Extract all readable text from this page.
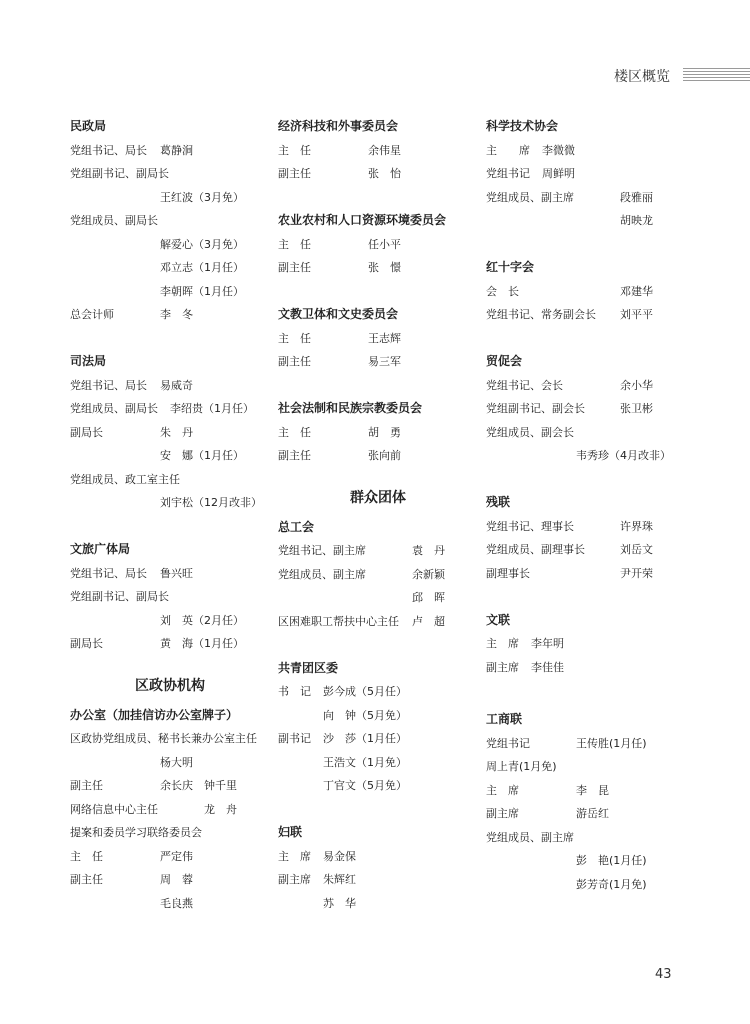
楼区概览
民政局
党组书记、局长 葛静涧
党组副书记、副局长
王红波（3月免）
党组成员、副局长
解爱心（3月免）
邓立志（1月任）
李朝晖（1月任）
总会计师	李　冬
司法局
党组书记、局长 易威奇
党组成员、副局长 李绍贵（1月任）
副局长	朱　丹
安　娜（1月任）
党组成员、政工室主任
刘宇松（12月改非）
文旅广体局
党组书记、局长 鲁兴旺
党组副书记、副局长
刘　英（2月任）
副局长	黄　海（1月任）
区政协机构
办公室（加挂信访办公室牌子）
区政协党组成员、秘书长兼办公室主任
杨大明
副主任	余长庆　钟千里
网络信息中心主任	龙　舟
提案和委员学习联络委员会
主　任	严定伟
副主任	周　蓉
毛良燕
经济科技和外事委员会
主　任	余伟星
副主任	张　怡
农业农村和人口资源环境委员会
主　任	任小平
副主任	张　憬
文教卫体和文史委员会
主　任	王志辉
副主任	易三军
社会法制和民族宗教委员会
主　任	胡　勇
副主任	张向前
群众团体
总工会
党组书记、副主席	袁　丹
党组成员、副主席	余新颖
邱　晖
区困难职工帮扶中心主任 卢　超
共青团区委
书　记 彭今成（5月任）
向　钟（5月免）
副书记 沙　莎（1月任）
王浩文（1月免）
丁官文（5月免）
妇联
主　席 易金保
副主席 朱辉红
苏　华
科学技术协会
主　　席 李微微
党组书记 周鲜明
党组成员、副主席	段雅丽
胡映龙
红十字会
会　长	邓建华
党组书记、常务副会长 刘平平
贸促会
党组书记、会长	余小华
党组副书记、副会长	张卫彬
党组成员、副会长
韦秀珍（4月改非）
残联
党组书记、理事长	许界珠
党组成员、副理事长	刘岳文
副理事长	尹开荣
文联
主　席 李年明
副主席 李佳佳
工商联
党组书记	王传胜(1月任)
周上青(1月免)
主　席	李　昆
副主席	游岳红
党组成员、副主席
彭　艳(1月任)
彭芳奇(1月免)
43
